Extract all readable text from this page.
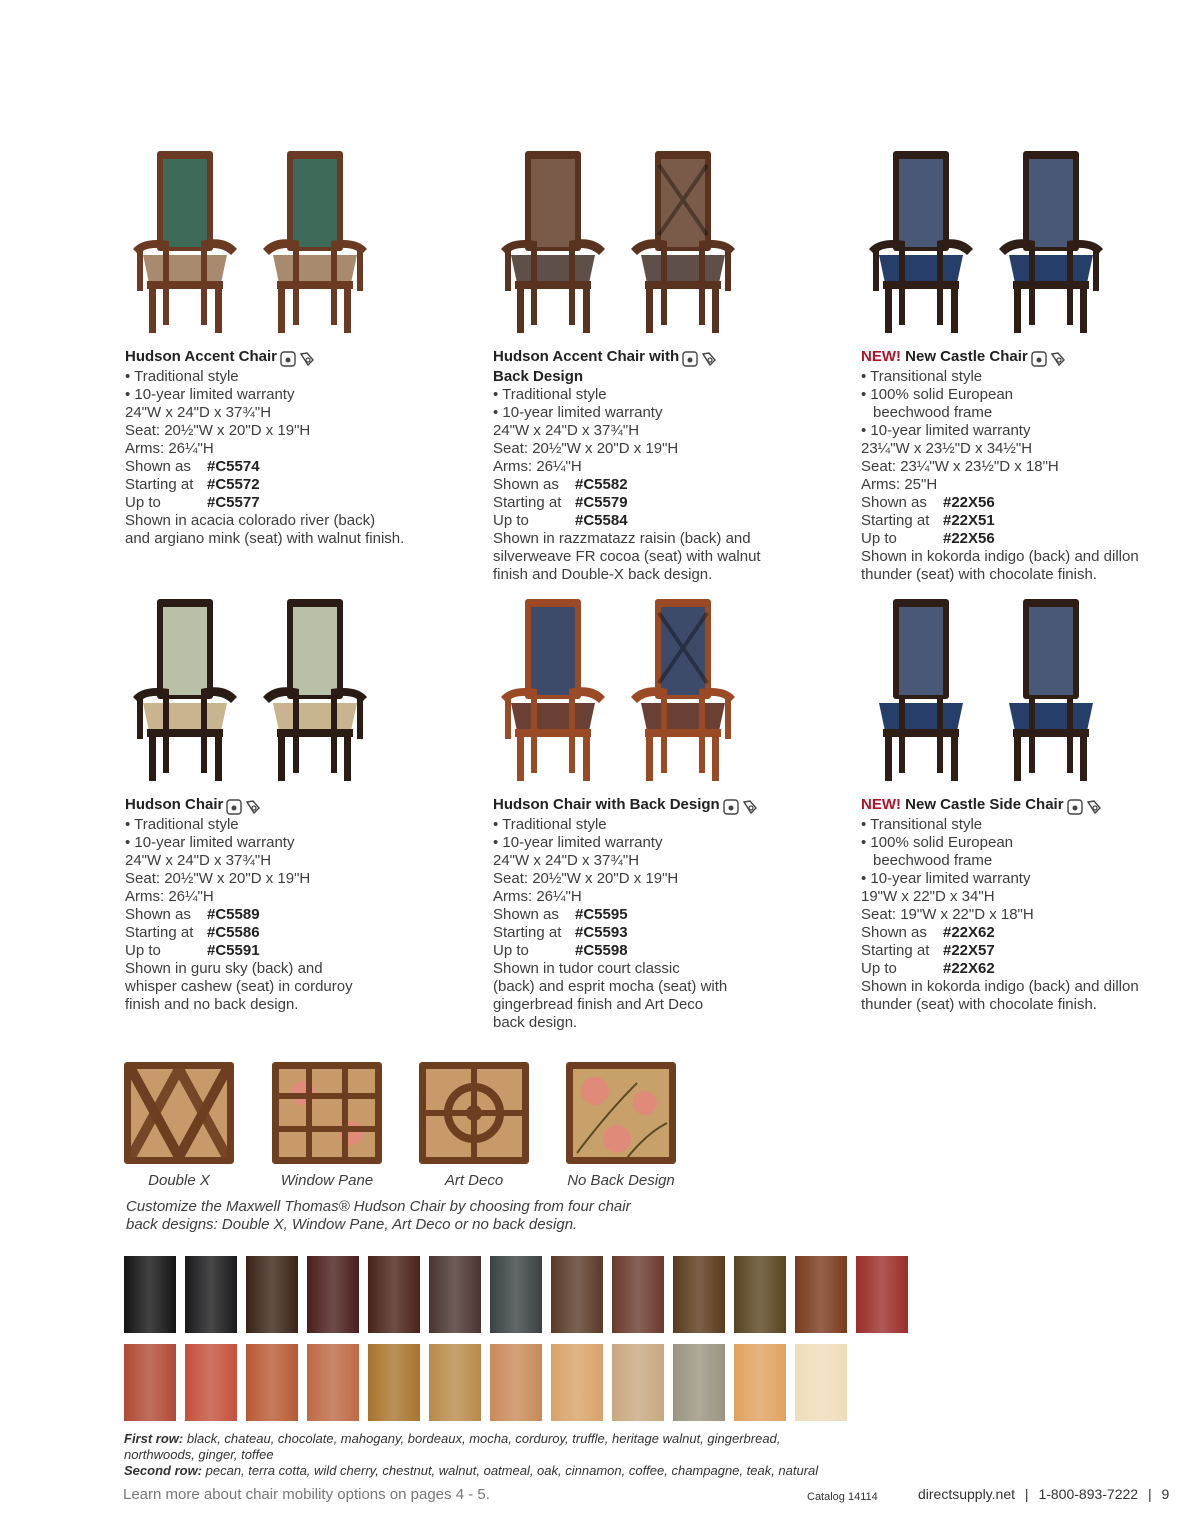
Hudson Accent Chair
• Traditional style
• 10-year limited warranty
24"W x 24"D x 37¾"H
Seat: 20½"W x 20"D x 19"H
Arms: 26¼"H
Shown as #C5574
Starting at #C5572
Up to	#C5577
Shown in acacia colorado river (back)
and argiano mink (seat) with walnut finish.
Hudson Accent Chair with
Back Design
• Traditional style
• 10-year limited warranty
24"W x 24"D x 37¾"H
Seat: 20½"W x 20"D x 19"H
Arms: 26¼"H
Shown as #C5582
Starting at #C5579
Up to	#C5584
Shown in razzmatazz raisin (back) and
silverweave FR cocoa (seat) with walnut
finish and Double-X back design.
NEW! New Castle Chair
• Transitional style
• 100% solid European
beechwood frame
• 10-year limited warranty
23¼"W x 23½"D x 34½"H
Seat: 23¼"W x 23½"D x 18"H
Arms: 25"H
Shown as #22X56
Starting at #22X51
Up to	#22X56
Shown in kokorda indigo (back) and dillon
thunder (seat) with chocolate finish.
Hudson Chair
• Traditional style
• 10-year limited warranty
24"W x 24"D x 37¾"H
Seat: 20½"W x 20"D x 19"H
Arms: 26¼"H
Shown as #C5589
Starting at #C5586
Up to	#C5591
Shown in guru sky (back) and
whisper cashew (seat) in corduroy
finish and no back design.
Hudson Chair with Back Design
• Traditional style
• 10-year limited warranty
24"W x 24"D x 37¾"H
Seat: 20½"W x 20"D x 19"H
Arms: 26¼"H
Shown as #C5595
Starting at #C5593
Up to	#C5598
Shown in tudor court classic
(back) and esprit mocha (seat) with
gingerbread finish and Art Deco
back design.
NEW! New Castle Side Chair
• Transitional style
• 100% solid European
beechwood frame
• 10-year limited warranty
19"W x 22"D x 34"H
Seat: 19"W x 22"D x 18"H
Shown as #22X62
Starting at #22X57
Up to	#22X62
Shown in kokorda indigo (back) and dillon
thunder (seat) with chocolate finish.
Double X	Window Pane	Art Deco	No Back Design
Customize the Maxwell Thomas® Hudson Chair by choosing from four chair
back designs: Double X, Window Pane, Art Deco or no back design.
First row: black, chateau, chocolate, mahogany, bordeaux, mocha, corduroy, truffle, heritage walnut, gingerbread,
northwoods, ginger, toffee
Second row: pecan, terra cotta, wild cherry, chestnut, walnut, oatmeal, oak, cinnamon, coffee, champagne, teak, natural
Learn more about chair mobility options on pages 4 - 5.	Catalog 14114	directsupply.net | 1-800-893-7222 | 9
